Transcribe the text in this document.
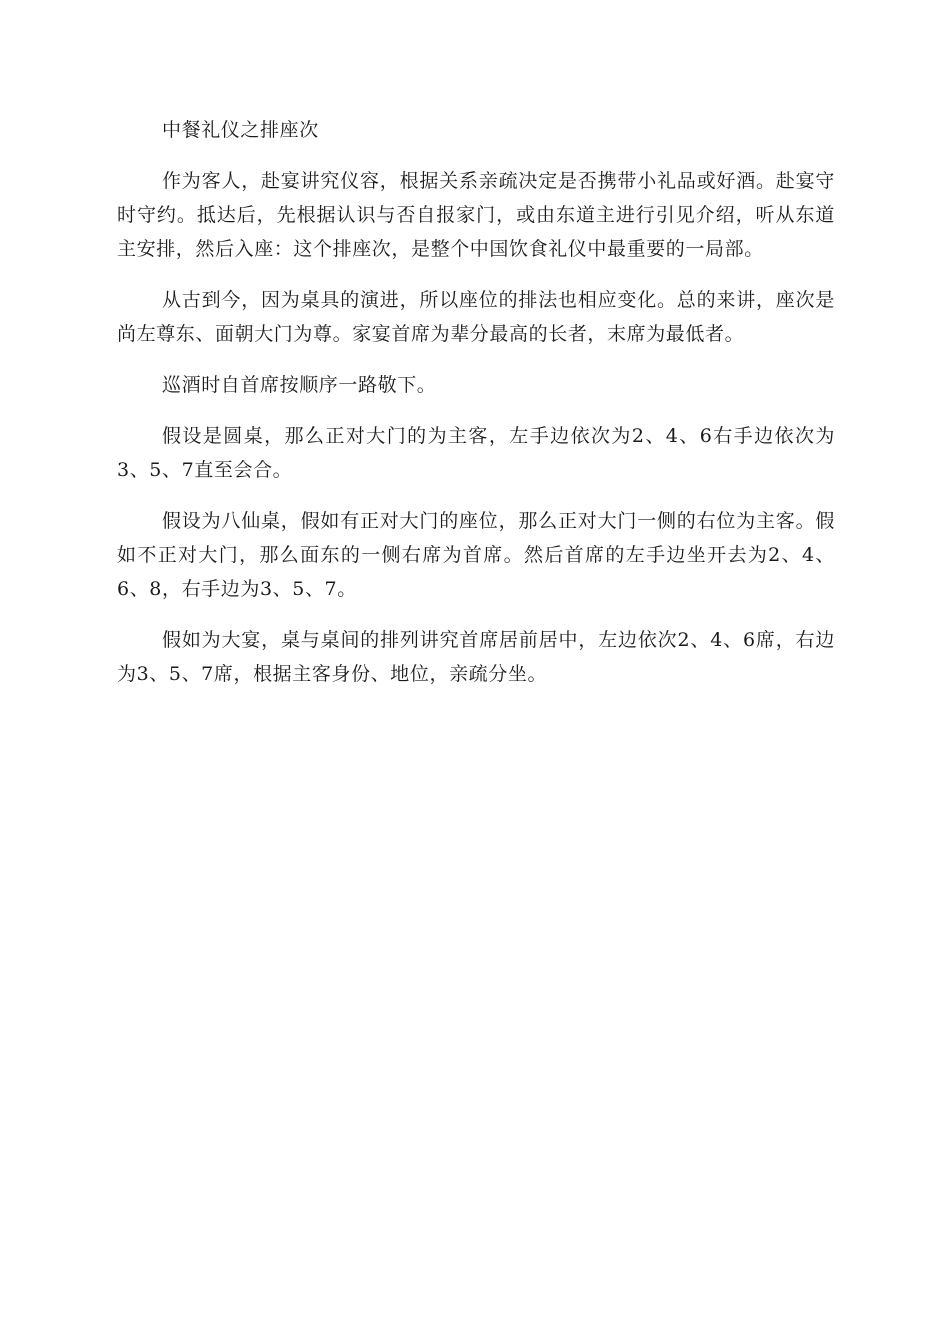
中餐礼仪之排座次

作为客人，赴宴讲究仪容，根据关系亲疏决定是否携带小礼品或好酒。赴宴守时守约。抵达后，先根据认识与否自报家门，或由东道主进行引见介绍，听从东道主安排，然后入座：这个排座次，是整个中国饮食礼仪中最重要的一局部。

从古到今，因为桌具的演进，所以座位的排法也相应变化。总的来讲，座次是尚左尊东、面朝大门为尊。家宴首席为辈分最高的长者，末席为最低者。

巡酒时自首席按顺序一路敬下。

假设是圆桌，那么正对大门的为主客，左手边依次为2、4、6右手边依次为3、5、7直至会合。

假设为八仙桌，假如有正对大门的座位，那么正对大门一侧的右位为主客。假如不正对大门，那么面东的一侧右席为首席。然后首席的左手边坐开去为2、4、6、8，右手边为3、5、7。

假如为大宴，桌与桌间的排列讲究首席居前居中，左边依次2、4、6席，右边为3、5、7席，根据主客身份、地位，亲疏分坐。
